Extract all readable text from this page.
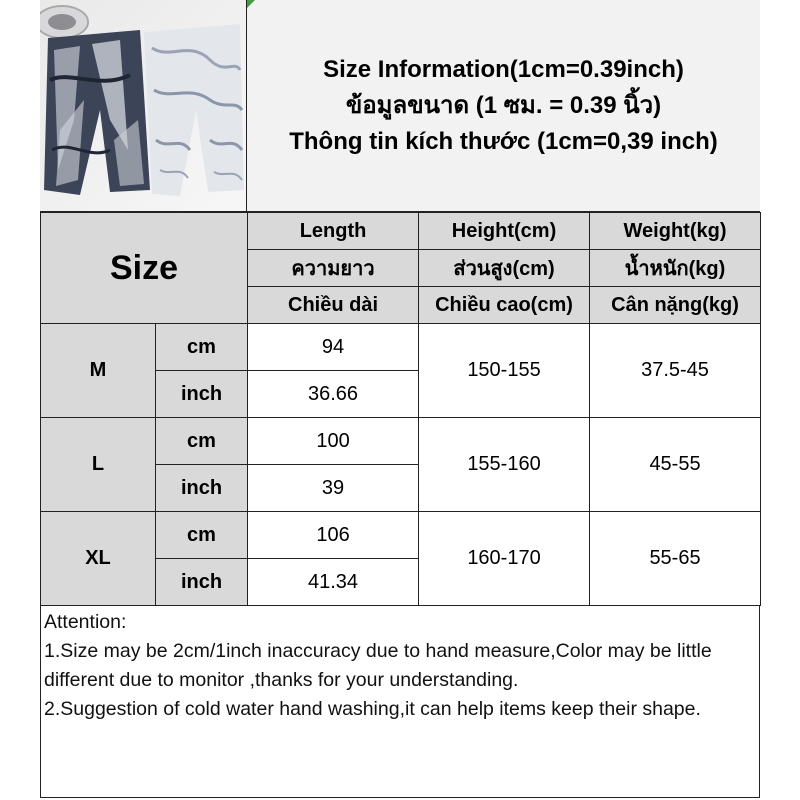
Size Information(1cm=0.39inch)
ข้อมูลขนาด (1 ซม. = 0.39 นิ้ว)
Thông tin kích thước (1cm=0,39 inch)
Size		Length	Height(cm)	Weight(kg)
		ความยาว	ส่วนสูง(cm)	น้ำหนัก(kg)
		Chiều dài	Chiều cao(cm)	Cân nặng(kg)
M	cm	94	150-155	37.5-45
	inch	36.66		
L	cm	100	155-160	45-55
	inch	39		
XL	cm	106	160-170	55-65
	inch	41.34		
Attention:
1.Size may be 2cm/1inch inaccuracy due to hand measure,Color may be little different due to monitor ,thanks for your understanding.
2.Suggestion of cold water hand washing,it can help items keep their shape.
